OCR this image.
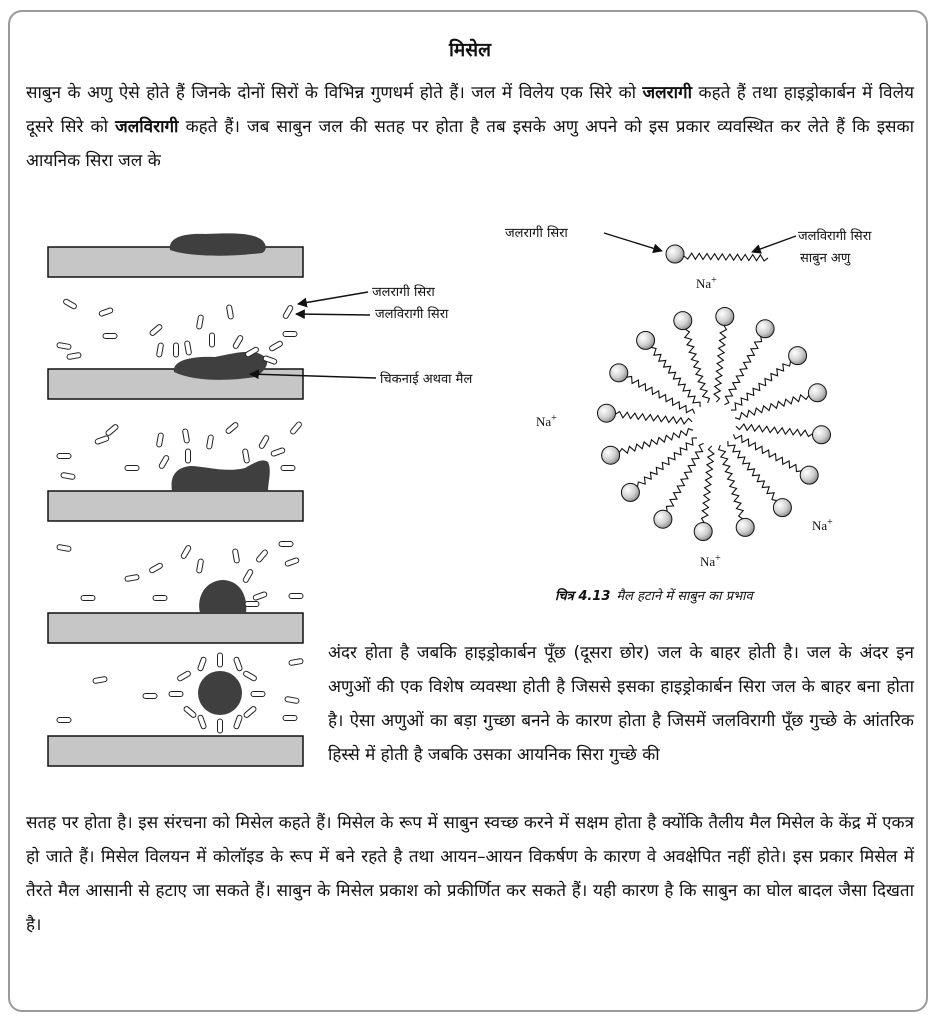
मिसेल

साबुन के अणु ऐसे होते हैं जिनके दोनों सिरों के विभिन्न गुणधर्म होते हैं। जल में विलेय एक सिरे को जलरागी कहते हैं तथा हाइड्रोकार्बन में विलेय दूसरे सिरे को जलविरागी कहते हैं। जब साबुन जल की सतह पर होता है तब इसके अणु अपने को इस प्रकार व्यवस्थित कर लेते हैं कि इसका आयनिक सिरा जल के

जलरागी सिरा
जलविरागी सिरा
चिकनाई अथवा मैल
जलरागी सिरा	जलविरागी सिरा
साबुन अणु
Na+
Na+
Na+
Na+
चित्र 4.13 मैल हटाने में साबुन का प्रभाव

अंदर होता है जबकि हाइड्रोकार्बन पूँछ (दूसरा छोर) जल के बाहर होती है। जल के अंदर इन अणुओं की एक विशेष व्यवस्था होती है जिससे इसका हाइड्रोकार्बन सिरा जल के बाहर बना होता है। ऐसा अणुओं का बड़ा गुच्छा बनने के कारण होता है जिसमें जलविरागी पूँछ गुच्छे के आंतरिक हिस्से में होती है जबकि उसका आयनिक सिरा गुच्छे की

सतह पर होता है। इस संरचना को मिसेल कहते हैं। मिसेल के रूप में साबुन स्वच्छ करने में सक्षम होता है क्योंकि तैलीय मैल मिसेल के केंद्र में एकत्र हो जाते हैं। मिसेल विलयन में कोलॉइड के रूप में बने रहते है तथा आयन–आयन विकर्षण के कारण वे अवक्षेपित नहीं होते। इस प्रकार मिसेल में तैरते मैल आसानी से हटाए जा सकते हैं। साबुन के मिसेल प्रकाश को प्रकीर्णित कर सकते हैं। यही कारण है कि साबुन का घोल बादल जैसा दिखता है।
